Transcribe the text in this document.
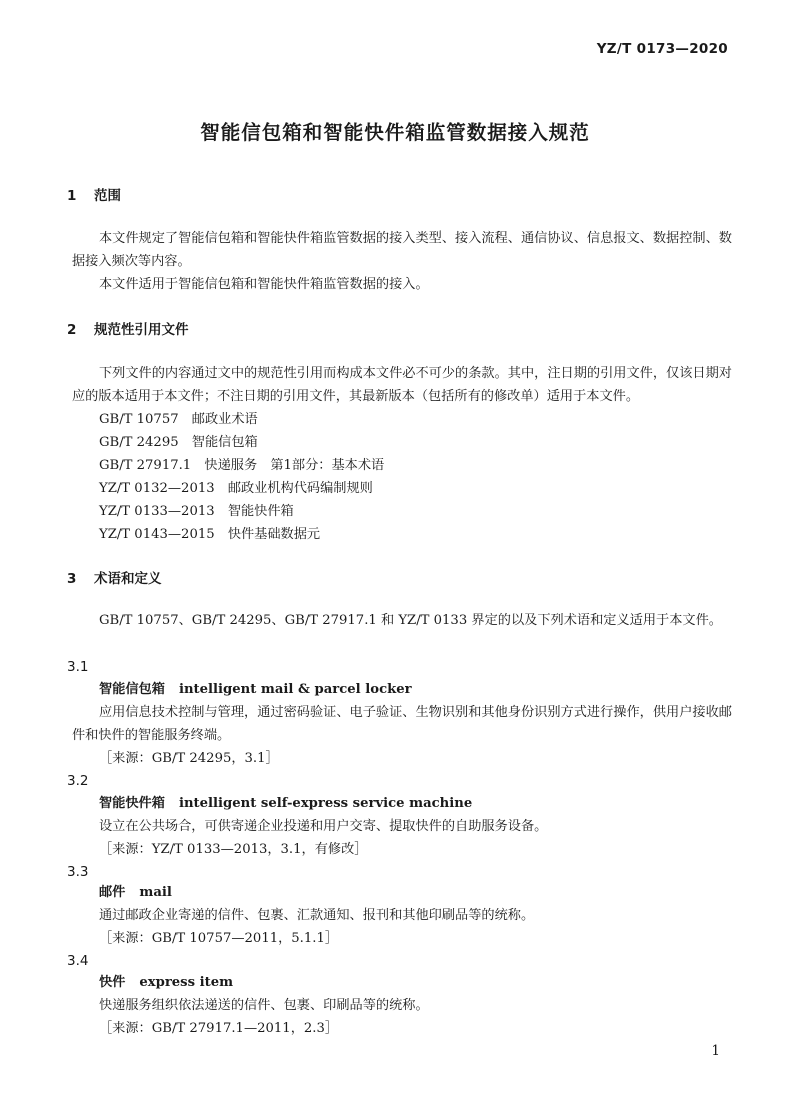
YZ/T 0173—2020
智能信包箱和智能快件箱监管数据接入规范

1 范围

本文件规定了智能信包箱和智能快件箱监管数据的接入类型、接入流程、通信协议、信息报文、数据控制、数据接入频次等内容。

本文件适用于智能信包箱和智能快件箱监管数据的接入。

2 规范性引用文件

下列文件的内容通过文中的规范性引用而构成本文件必不可少的条款。其中，注日期的引用文件，仅该日期对应的版本适用于本文件；不注日期的引用文件，其最新版本（包括所有的修改单）适用于本文件。

GB/T 10757　 邮政业术语

GB/T 24295　 智能信包箱

GB/T 27917.1　 快递服务　第1部分：基本术语

YZ/T 0132—2013　 邮政业机构代码编制规则

YZ/T 0133—2013　 智能快件箱

YZ/T 0143—2015　 快件基础数据元

3 术语和定义

GB/T 10757、GB/T 24295、GB/T 27917.1 和 YZ/T 0133 界定的以及下列术语和定义适用于本文件。

3.1

智能信包箱 intelligent mail & parcel locker

应用信息技术控制与管理，通过密码验证、电子验证、生物识别和其他身份识别方式进行操作，供用户接收邮件和快件的智能服务终端。

［来源：GB/T 24295，3.1］

3.2

智能快件箱 intelligent self-express service machine

设立在公共场合，可供寄递企业投递和用户交寄、提取快件的自助服务设备。

［来源：YZ/T 0133—2013，3.1，有修改］

3.3

邮件 mail

通过邮政企业寄递的信件、包裹、汇款通知、报刊和其他印刷品等的统称。

［来源：GB/T 10757—2011，5.1.1］

3.4

快件 express item

快递服务组织依法递送的信件、包裹、印刷品等的统称。

［来源：GB/T 27917.1—2011，2.3］

1
